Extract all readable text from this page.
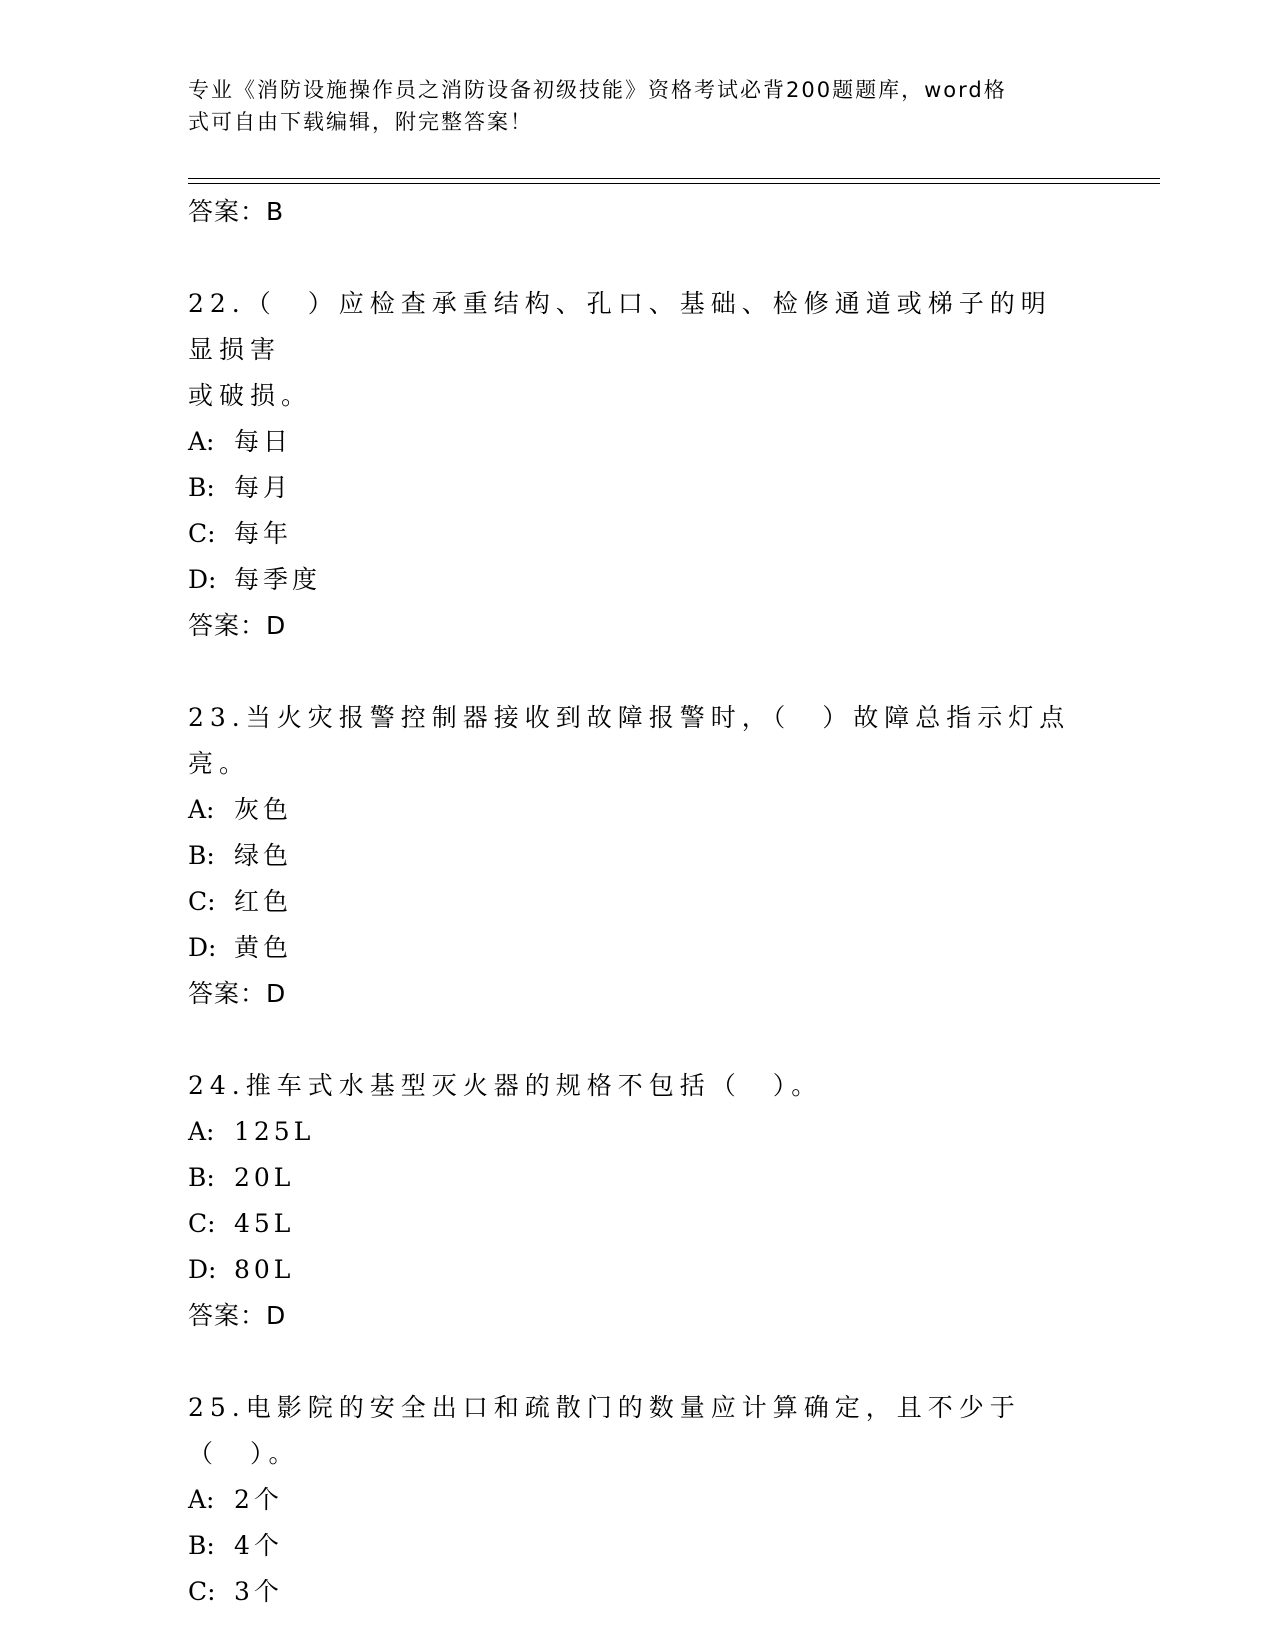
专业《消防设施操作员之消防设备初级技能》资格考试必背200题题库，word格
式可自由下载编辑，附完整答案！
答案：B
22.（　）应检查承重结构、孔口、基础、检修通道或梯子的明显损害
或破损。
A: 每日
B: 每月
C: 每年
D: 每季度
答案：D
23.当火灾报警控制器接收到故障报警时，（　）故障总指示灯点亮。
A: 灰色
B: 绿色
C: 红色
D: 黄色
答案：D
24.推车式水基型灭火器的规格不包括（　）。
A: 125L
B: 20L
C: 45L
D: 80L
答案：D
25.电影院的安全出口和疏散门的数量应计算确定，且不少于（　）。
A: 2个
B: 4个
C: 3个
